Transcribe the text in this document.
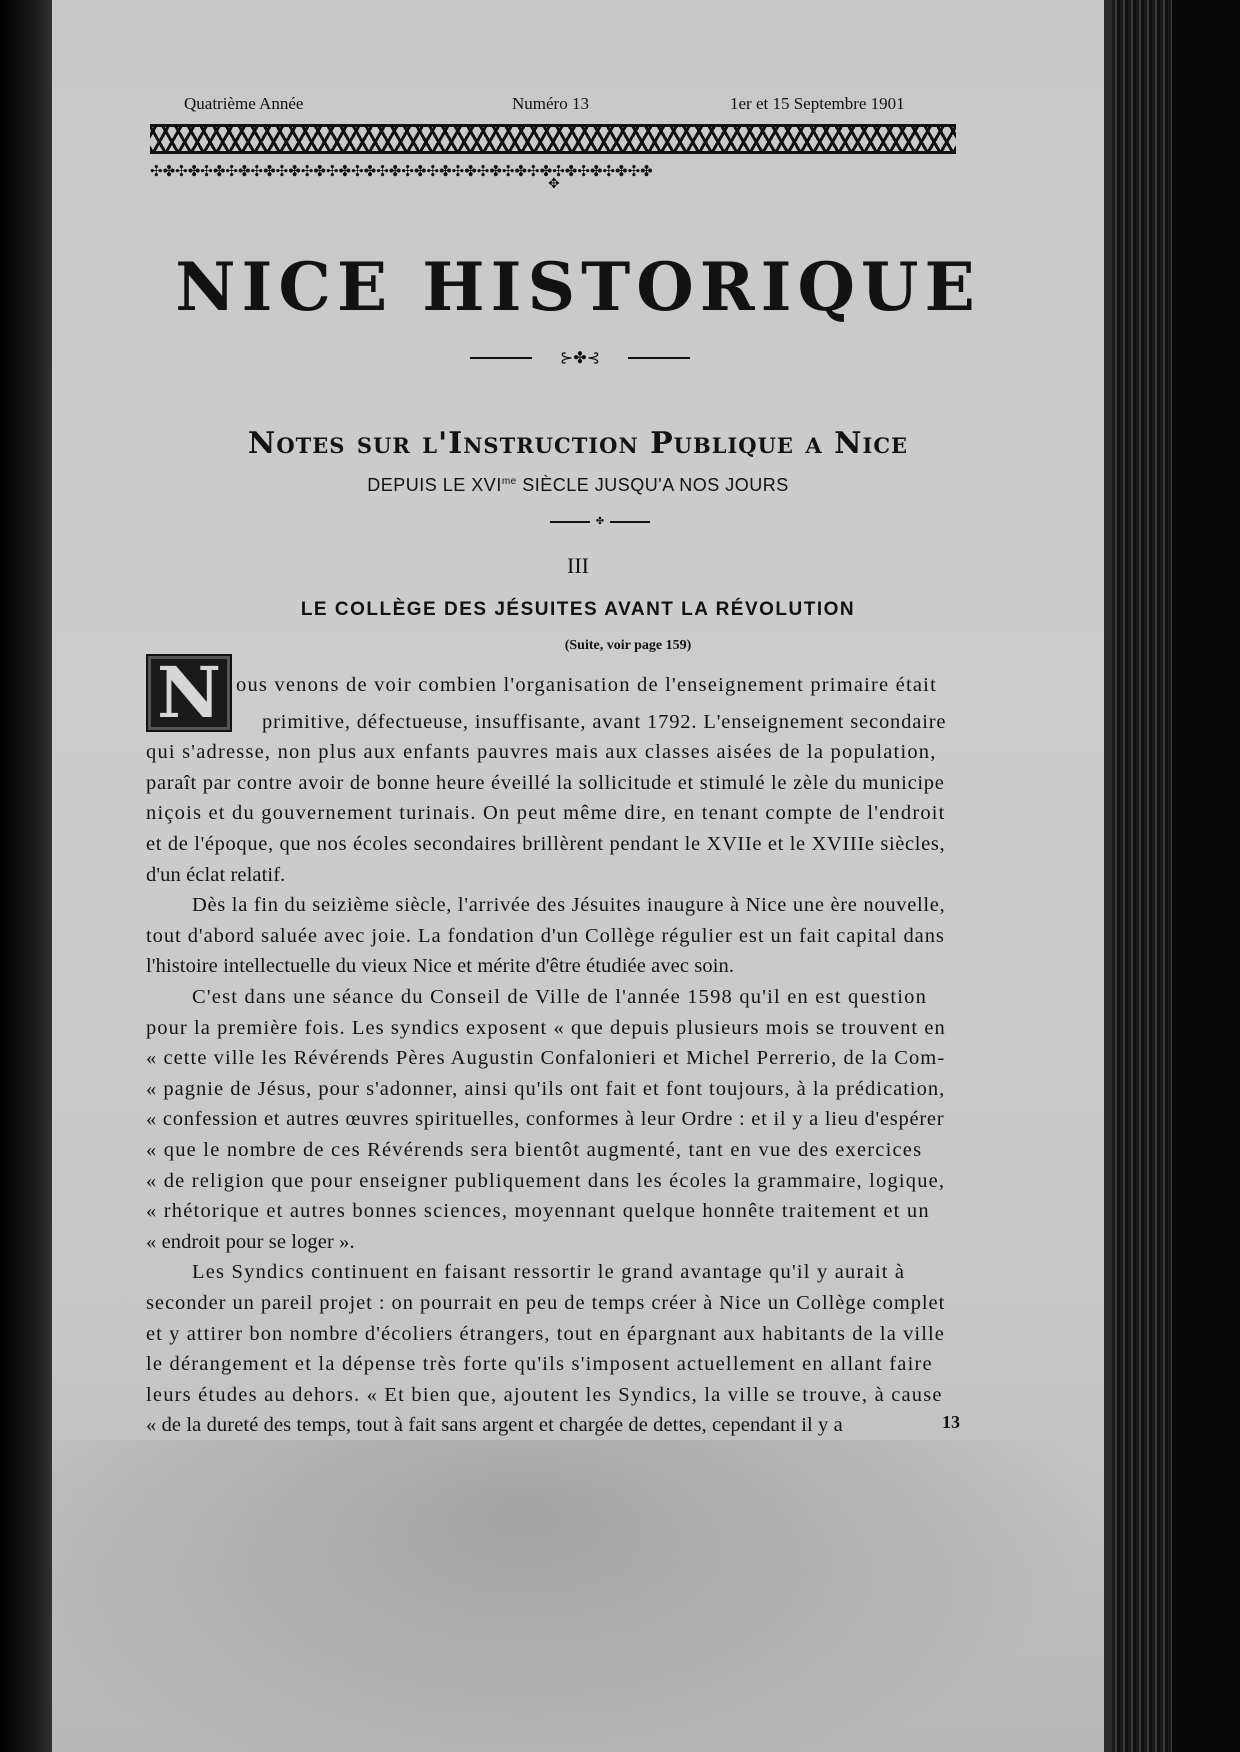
Quatrième Année	Numéro 13	1er et 15 Septembre 1901
✣✤✣✤✣✤✣✤✣✤✣✤✣✤✣✤✣✤✣✤✣✤✣✤✣✤✣✤✣✤✣✤✣✤✣✤✣✤✣✤
✥
NICE HISTORIQUE
⊱✤⊰
Notes sur l'Instruction Publique a Nice
DEPUIS LE $XVI^{me}$ SIÈCLE JUSQU'A NOS JOURS
✤
III
LE COLLÈGE DES JÉSUITES AVANT LA RÉVOLUTION
(Suite, voir page 159)
N ous venons de voir combien l'organisation de l'enseignement primaire était
primitive, défectueuse, insuffisante, avant 1792. L'enseignement secondaire
qui s'adresse, non plus aux enfants pauvres mais aux classes aisées de la population,
paraît par contre avoir de bonne heure éveillé la sollicitude et stimulé le zèle du municipe
niçois et du gouvernement turinais. On peut même dire, en tenant compte de l'endroit
et de l'époque, que nos écoles secondaires brillèrent pendant le XVIIe et le XVIIIe siècles,
d'un éclat relatif.
Dès la fin du seizième siècle, l'arrivée des Jésuites inaugure à Nice une ère nouvelle,
tout d'abord saluée avec joie. La fondation d'un Collège régulier est un fait capital dans
l'histoire intellectuelle du vieux Nice et mérite d'être étudiée avec soin.
C'est dans une séance du Conseil de Ville de l'année 1598 qu'il en est question
pour la première fois. Les syndics exposent « que depuis plusieurs mois se trouvent en
« cette ville les Révérends Pères Augustin Confalonieri et Michel Perrerio, de la Com-
« pagnie de Jésus, pour s'adonner, ainsi qu'ils ont fait et font toujours, à la prédication,
« confession et autres œuvres spirituelles, conformes à leur Ordre : et il y a lieu d'espérer
« que le nombre de ces Révérends sera bientôt augmenté, tant en vue des exercices
« de religion que pour enseigner publiquement dans les écoles la grammaire, logique,
« rhétorique et autres bonnes sciences, moyennant quelque honnête traitement et un
« endroit pour se loger ».
Les Syndics continuent en faisant ressortir le grand avantage qu'il y aurait à
seconder un pareil projet : on pourrait en peu de temps créer à Nice un Collège complet
et y attirer bon nombre d'écoliers étrangers, tout en épargnant aux habitants de la ville
le dérangement et la dépense très forte qu'ils s'imposent actuellement en allant faire
leurs études au dehors. « Et bien que, ajoutent les Syndics, la ville se trouve, à cause
« de la dureté des temps, tout à fait sans argent et chargée de dettes, cependant il y a	13
